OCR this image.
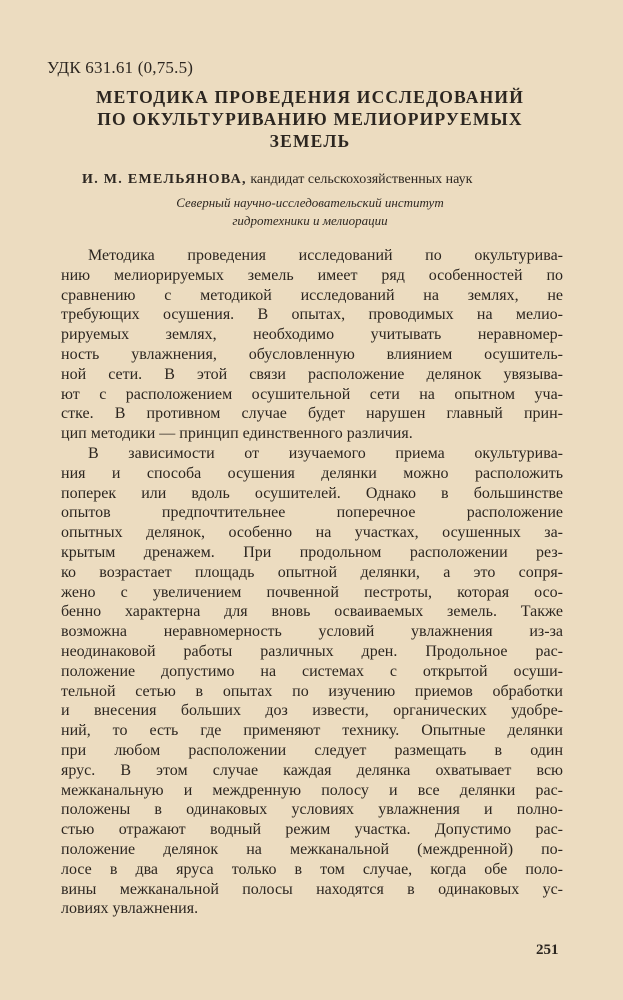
УДК 631.61 (0,75.5)
МЕТОДИКА ПРОВЕДЕНИЯ ИССЛЕДОВАНИЙ
ПО ОКУЛЬТУРИВАНИЮ МЕЛИОРИРУЕМЫХ
ЗЕМЕЛЬ
И. М. ЕМЕЛЬЯНОВА, кандидат сельскохозяйственных наук
Северный научно-исследовательский институт
гидротехники и мелиорации
Методика проведения исследований по окультурива-
нию мелиорируемых земель имеет ряд особенностей по
сравнению с методикой исследований на землях, не
требующих осушения. В опытах, проводимых на мелио-
рируемых землях, необходимо учитывать неравномер-
ность увлажнения, обусловленную влиянием осушитель-
ной сети. В этой связи расположение делянок увязыва-
ют с расположением осушительной сети на опытном уча-
стке. В противном случае будет нарушен главный прин-
цип методики — принцип единственного различия.
В зависимости от изучаемого приема окультурива-
ния и способа осушения делянки можно расположить
поперек или вдоль осушителей. Однако в большинстве
опытов предпочтительнее поперечное расположение
опытных делянок, особенно на участках, осушенных за-
крытым дренажем. При продольном расположении рез-
ко возрастает площадь опытной делянки, а это сопря-
жено с увеличением почвенной пестроты, которая осо-
бенно характерна для вновь осваиваемых земель. Также
возможна неравномерность условий увлажнения из-за
неодинаковой работы различных дрен. Продольное рас-
положение допустимо на системах с открытой осуши-
тельной сетью в опытах по изучению приемов обработки
и внесения больших доз извести, органических удобре-
ний, то есть где применяют технику. Опытные делянки
при любом расположении следует размещать в один
ярус. В этом случае каждая делянка охватывает всю
межканальную и междренную полосу и все делянки рас-
положены в одинаковых условиях увлажнения и полно-
стью отражают водный режим участка. Допустимо рас-
положение делянок на межканальной (междренной) по-
лосе в два яруса только в том случае, когда обе поло-
вины межканальной полосы находятся в одинаковых ус-
ловиях увлажнения.
251
